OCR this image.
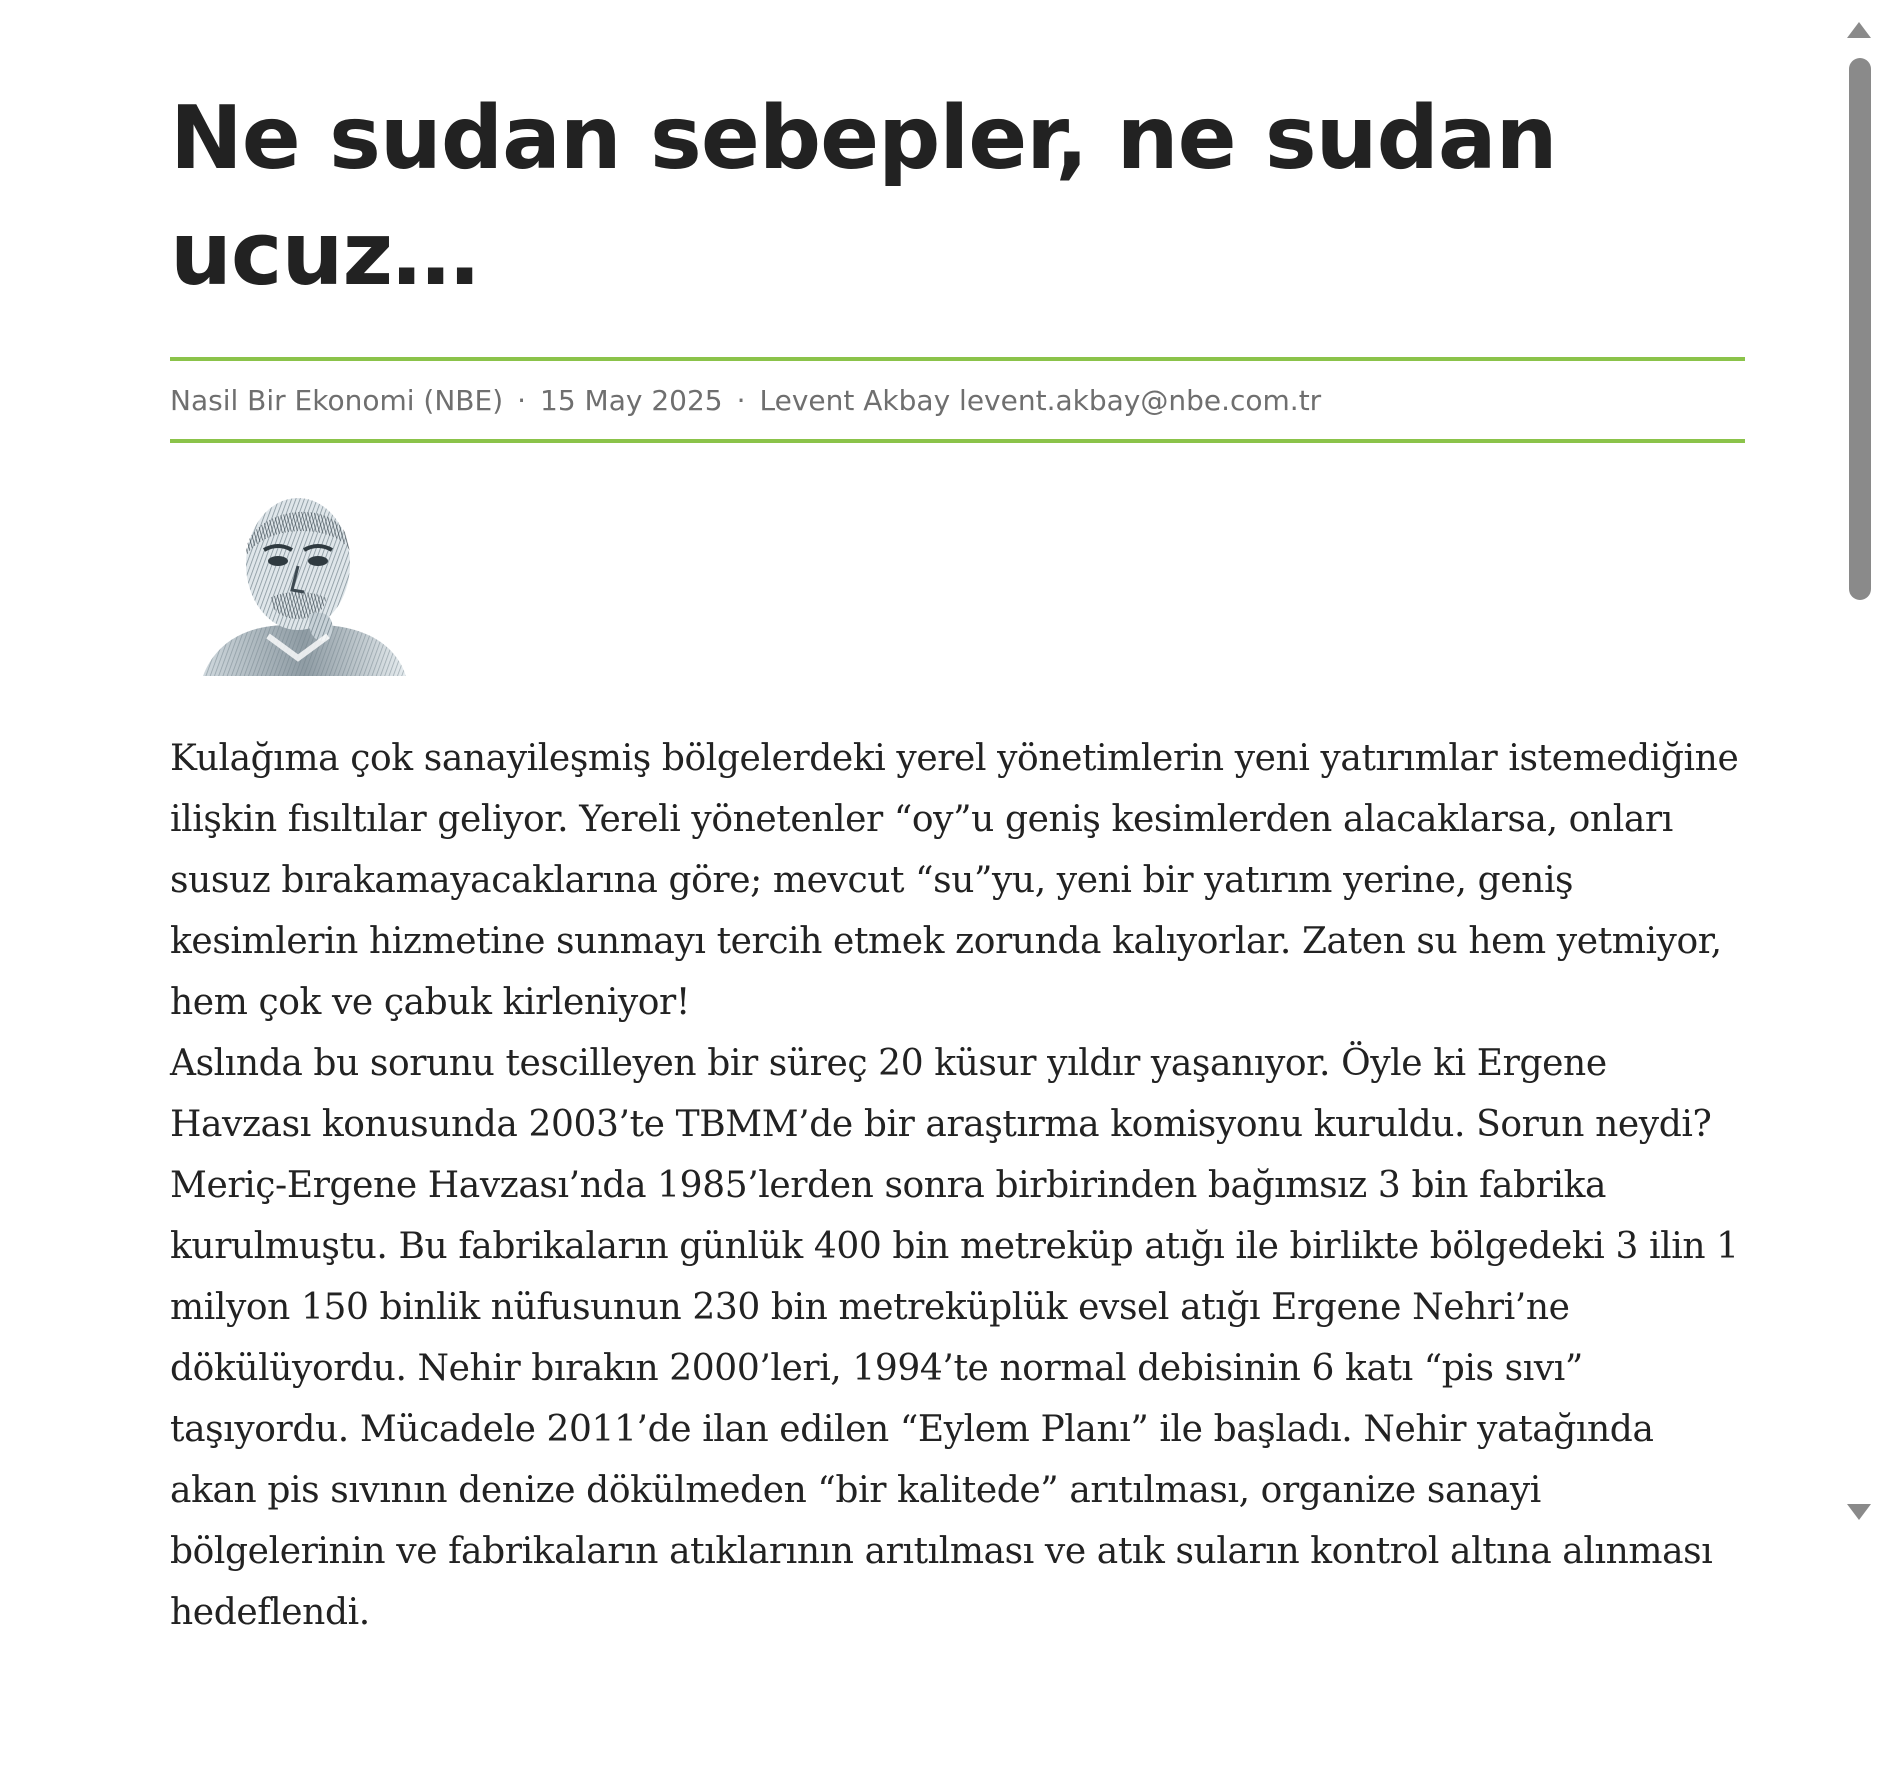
Ne sudan sebepler, ne sudan ucuz…
Nasil Bir Ekonomi (NBE) · 15 May 2025 · Levent Akbay levent.akbay@nbe.com.tr

Kulağıma çok sanayileşmiş bölgelerdeki yerel yönetimlerin yeni yatırımlar istemediğine ilişkin fısıltılar geliyor. Yereli yönetenler “oy”u geniş kesimlerden alacaklarsa, onları susuz bırakamayacaklarına göre; mevcut “su”yu, yeni bir yatırım yerine, geniş kesimlerin hizmetine sunmayı tercih etmek zorunda kalıyorlar. Zaten su hem yetmiyor, hem çok ve çabuk kirleniyor!

Aslında bu sorunu tescilleyen bir süreç 20 küsur yıldır yaşanıyor. Öyle ki Ergene Havzası konusunda 2003’te TBMM’de bir araştırma komisyonu kuruldu. Sorun neydi? Meriç-Ergene Havzası’nda 1985’lerden sonra birbirinden bağımsız 3 bin fabrika kurulmuştu. Bu fabrikaların günlük 400 bin metreküp atığı ile birlikte bölgedeki 3 ilin 1 milyon 150 binlik nüfusunun 230 bin metreküplük evsel atığı Ergene Nehri’ne dökülüyordu. Nehir bırakın 2000’leri, 1994’te normal debisinin 6 katı “pis sıvı” taşıyordu. Mücadele 2011’de ilan edilen “Eylem Planı” ile başladı. Nehir yatağında akan pis sıvının denize dökülmeden “bir kalitede” arıtılması, organize sanayi bölgelerinin ve fabrikaların atıklarının arıtılması ve atık suların kontrol altına alınması hedeflendi.
